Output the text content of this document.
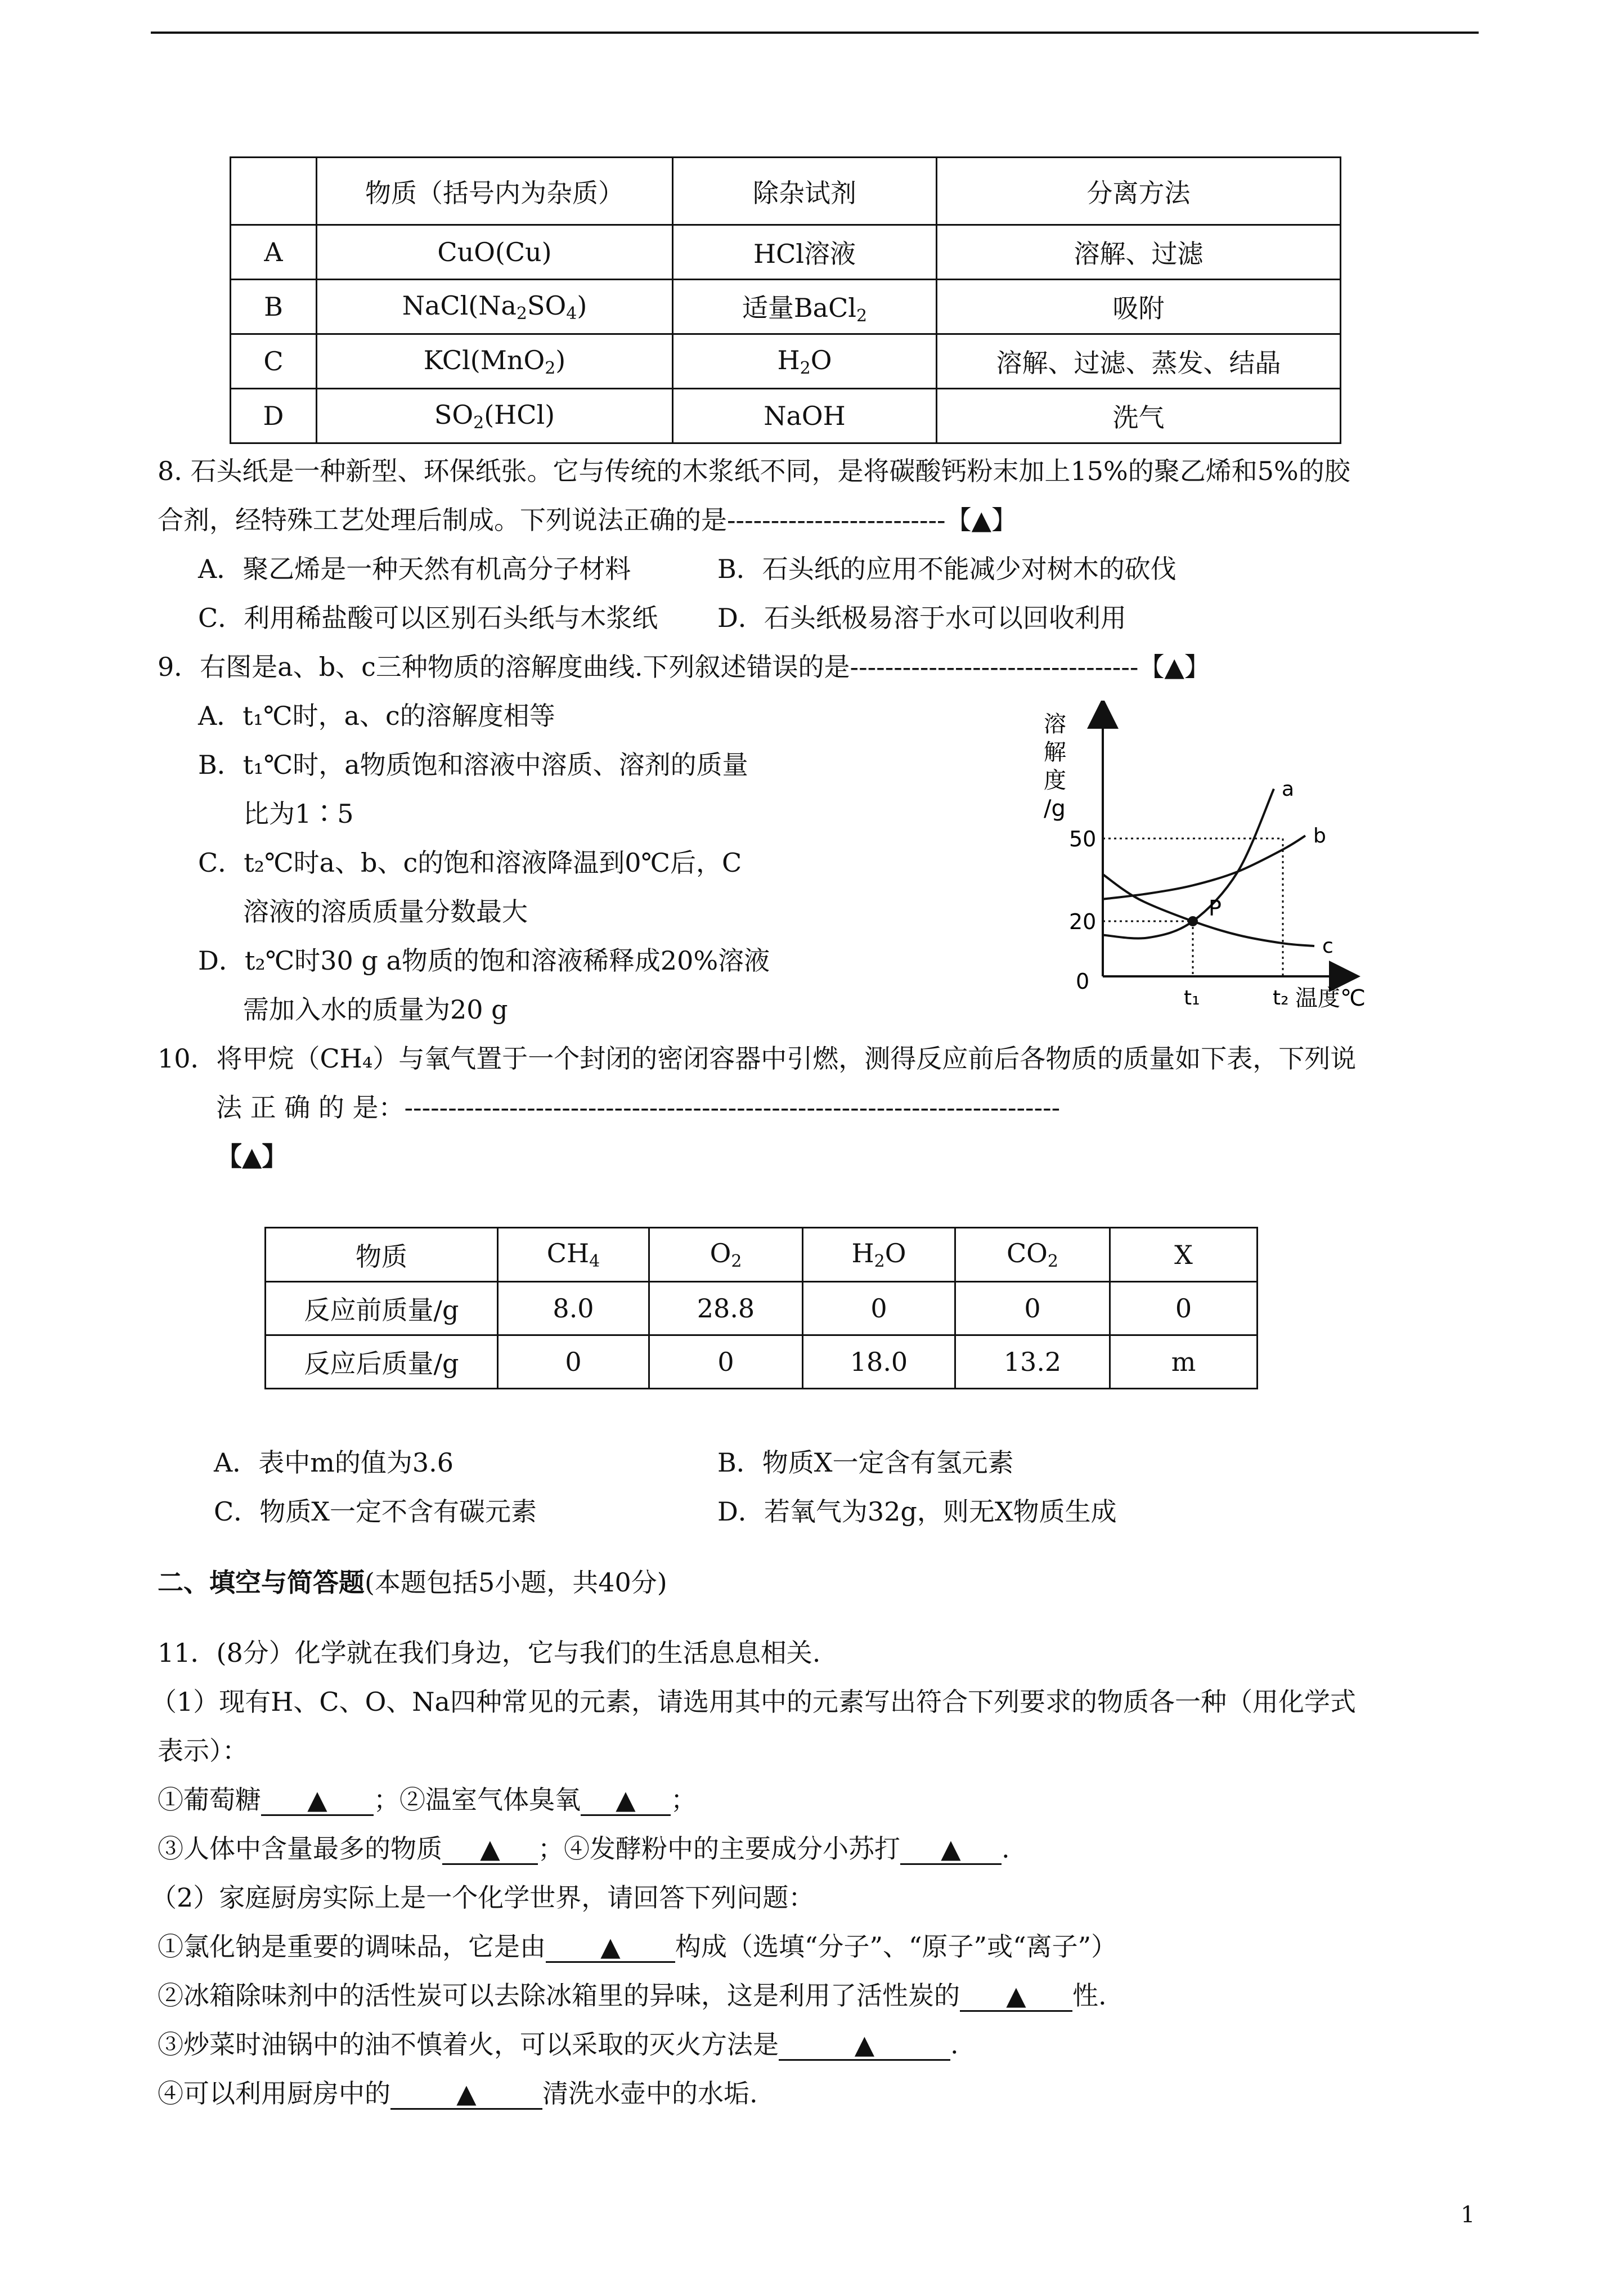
	物质（括号内为杂质）	除杂试剂	分离方法
A	CuO(Cu)	HCl溶液	溶解、过滤
B	$NaCl(Na_2SO_4)$	适量BaCl$_2$	吸附
C	KCl(MnO$_2$)	$H_2O$	溶解、过滤、蒸发、结晶
D	$SO_2(HCl)$	NaOH	洗气
8. 石头纸是一种新型、环保纸张。它与传统的木浆纸不同，是将碳酸钙粉末加上15%的聚乙烯和5%的胶
合剂，经特殊工艺处理后制成。下列说法正确的是-------------------------【▲】
A．聚乙烯是一种天然有机高分子材料	B．石头纸的应用不能减少对树木的砍伐
C．利用稀盐酸可以区别石头纸与木浆纸 D．石头纸极易溶于水可以回收利用
9．右图是a、b、c三种物质的溶解度曲线.下列叙述错误的是---------------------------------【▲】
A．t₁℃时，a、c的溶解度相等
B．t₁℃时，a物质饱和溶液中溶质、溶剂的质量
比为1∶5
C．t₂℃时a、b、c的饱和溶液降温到0℃后，C
溶液的溶质质量分数最大
D．t₂℃时30 g a物质的饱和溶液稀释成20%溶液
需加入水的质量为20 g
溶
解
度
/g
a
b
c
P
50
20
0
t₁	t₂ 温度℃
10．将甲烷（CH₄）与氧气置于一个封闭的密闭容器中引燃，测得反应前后各物质的质量如下表，下列说
法 正 确 的 是：---------------------------------------------------------------------------
【▲】
物质	$CH_4$	$O_2$	$H_2O$	$CO_2$	X
反应前质量/g	8.0	28.8	0	0	0
反应后质量/g	0	0	18.0	13.2	m
A．表中m的值为3.6	B．物质X一定含有氢元素
C．物质X一定不含有碳元素	D．若氧气为32g，则无X物质生成
二、填空与简答题(本题包括5小题，共40分)
11．(8分）化学就在我们身边，它与我们的生活息息相关.
（1）现有H、C、O、Na四种常见的元素，请选用其中的元素写出符合下列要求的物质各一种（用化学式
表示）：
①葡萄糖 ▲ ；②温室气体臭氧 ▲ ；
③人体中含量最多的物质 ▲ ；④发酵粉中的主要成分小苏打 ▲ .
（2）家庭厨房实际上是一个化学世界，请回答下列问题：
①氯化钠是重要的调味品，它是由 ▲ 构成（选填“分子”、“原子”或“离子”）
②冰箱除味剂中的活性炭可以去除冰箱里的异味，这是利用了活性炭的 ▲ 性.
③炒菜时油锅中的油不慎着火，可以采取的灭火方法是	▲	.
④可以利用厨房中的	▲	清洗水壶中的水垢.
1
